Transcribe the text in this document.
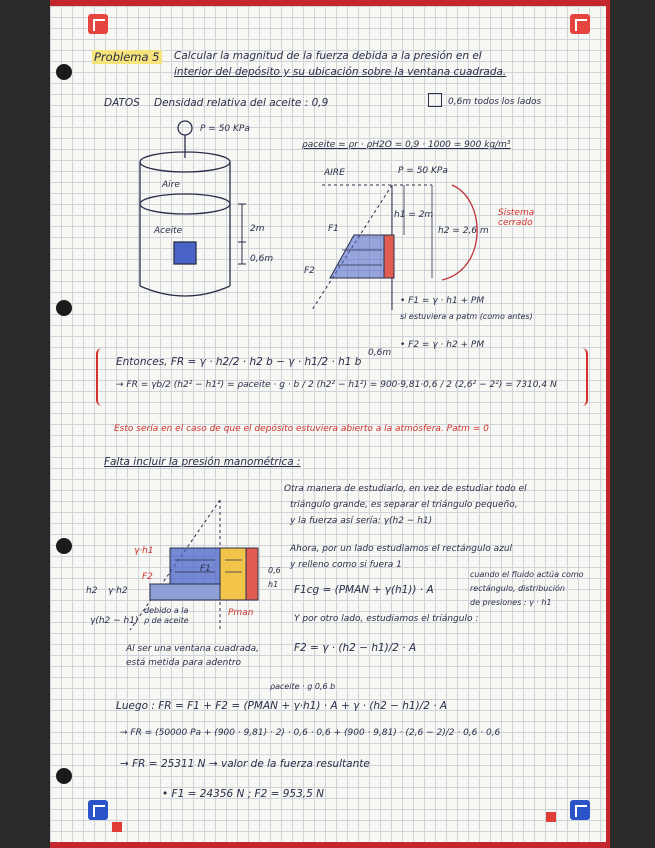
Problema 5 Calcular la magnitud de la fuerza debida a la presión en el
interior del depósito y su ubicación sobre la ventana cuadrada.
DATOS Densidad relativa del aceite : 0,9	0,6m todos los lados
P = 50 KPa
Aire
Aceite	2m
0,6m
ρaceite = ρr · ρH2O = 0,9 · 1000 = 900 kg/m³
AIRE	P = 50 KPa
h1 = 2m
h2 = 2,6 m
F1
F2
Sistema cerrado
• F1 = γ · h1 + PM
si estuviera a patm (como antes)
• F2 = γ · h2 + PM
Entonces, FR = γ · h2/2 · h2 b − γ · h1/2 · h1 b
0,6m
→ FR = γb/2 (h2² − h1²) = ρaceite · g · b / 2 (h2² − h1²) = 900·9,81·0,6 / 2 (2,6² − 2²) = 7310,4 N
Esto sería en el caso de que el depósito estuviera abierto a la atmósfera. Patm = 0
Falta incluir la presión manométrica :
γ·h1
F1
F2
h2 γ·h2
γ(h2 − h1)
debido a la
ρ de aceite
Pman
0,6
h1
Al ser una ventana cuadrada,
está metida para adentro
Otra manera de estudiarlo, en vez de estudiar todo el
triángulo grande, es separar el triángulo pequeño,
y la fuerza así sería: γ(h2 − h1)
Ahora, por un lado estudiamos el rectángulo azul
y relleno como si fuera 1
F1cg = (PMAN + γ(h1)) · A
cuando el fluido actúa como
rectángulo, distribución
de presiones : γ · h1
Y por otro lado, estudiamos el triángulo :
F2 = γ · (h2 − h1)/2 · A
ρaceite · g 0,6 b
Luego : FR = F1 + F2 = (PMAN + γ·h1) · A + γ · (h2 − h1)/2 · A
→ FR = (50000 Pa + (900 · 9,81) · 2) · 0,6 · 0,6 + (900 · 9,81) · (2,6 − 2)/2 · 0,6 · 0,6
→ FR = 25311 N → valor de la fuerza resultante
• F1 = 24356 N ; F2 = 953,5 N
